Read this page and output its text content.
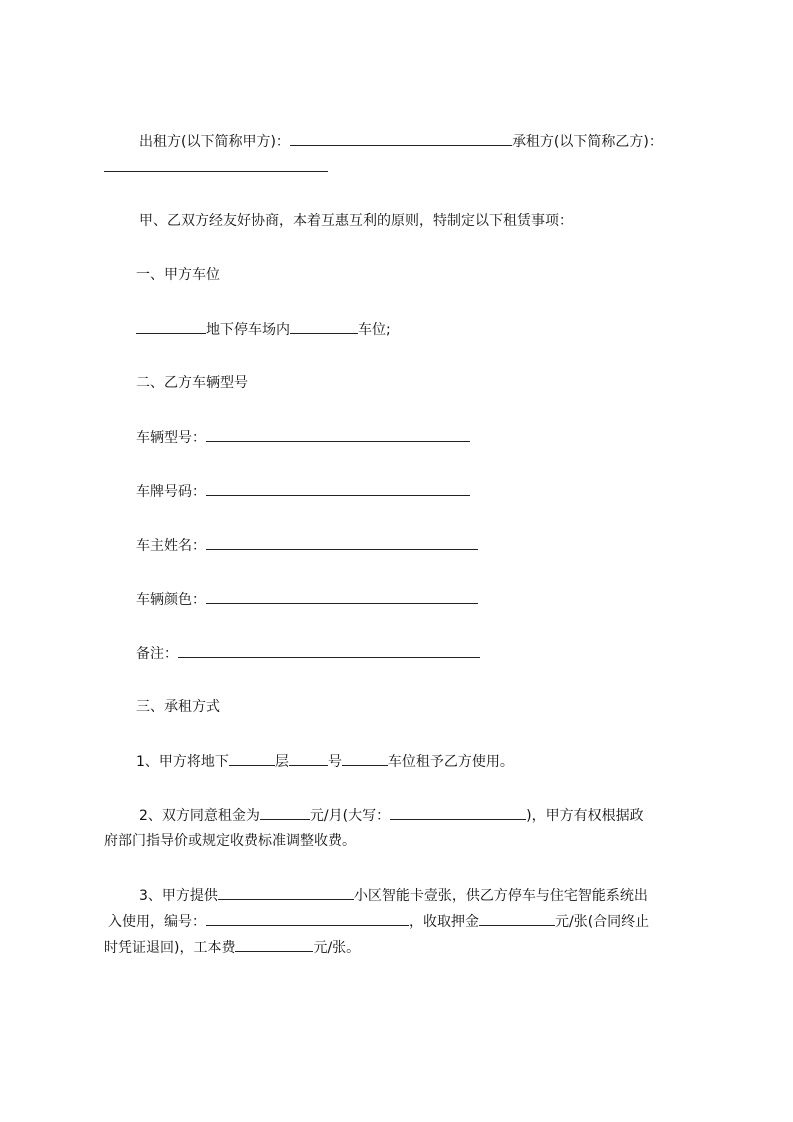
出租方(以下简称甲方)：	承租方(以下简称乙方)：
甲、乙双方经友好协商，本着互惠互利的原则，特制定以下租赁事项：
一、甲方车位
地下停车场内	车位;
二、乙方车辆型号
车辆型号：
车牌号码：
车主姓名：
车辆颜色：
备注：
三、承租方式
1、甲方将地下	层	号	车位租予乙方使用。
2、双方同意租金为	元/月(大写：	)，甲方有权根据政
府部门指导价或规定收费标准调整收费。
3、甲方提供	小区智能卡壹张，供乙方停车与住宅智能系统出
入使用，编号：	，收取押金	元/张(合同终止
时凭证退回)，工本费	元/张。
